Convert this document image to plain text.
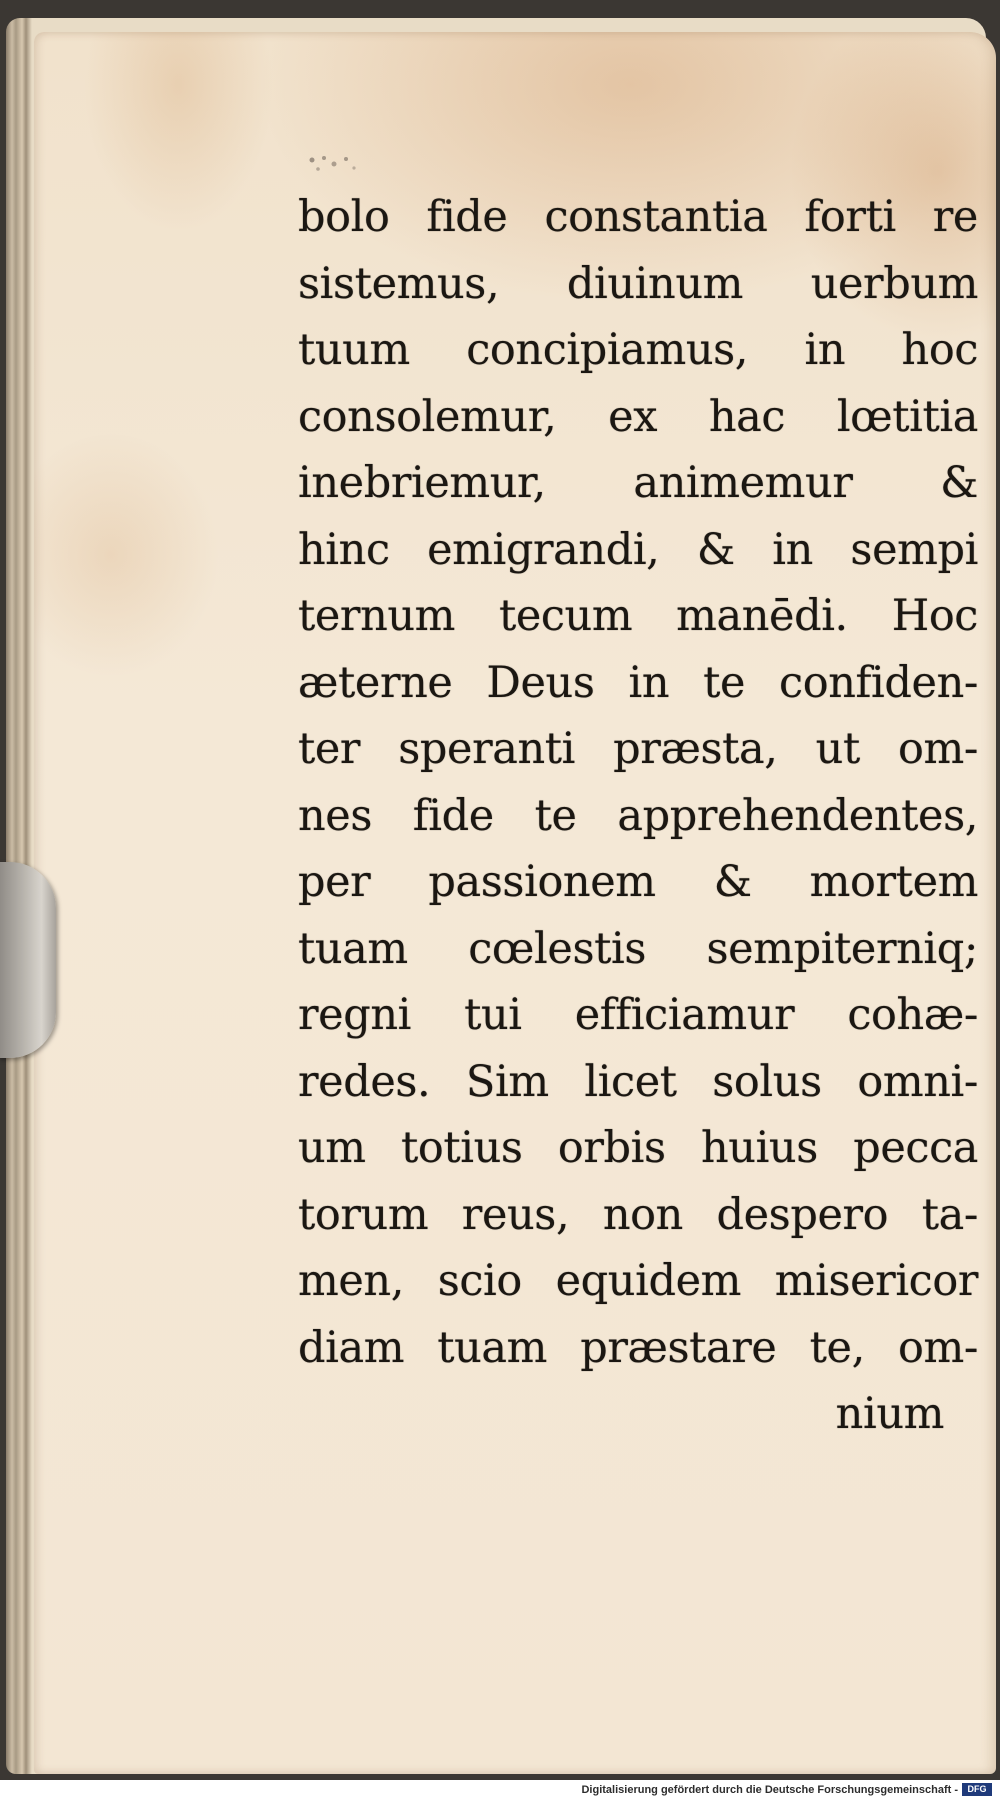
bolo fide constantia forti re
sistemus, diuinum uerbum
tuum concipiamus, in hoc
consolemur, ex hac lœtitia
inebriemur, animemur &
hinc emigrandi, & in sempi
ternum tecum manēdi. Hoc
æterne Deus in te confiden-
ter speranti præsta, ut om-
nes fide te apprehendentes,
per passionem & mortem
tuam cœlestis sempiterniq;
regni tui efficiamur cohæ-
redes. Sim licet solus omni-
um totius orbis huius pecca
torum reus, non despero ta-
men, scio equidem misericor
diam tuam præstare te, om-
nium
Digitalisierung gefördert durch die Deutsche Forschungsgemeinschaft -	DFG
